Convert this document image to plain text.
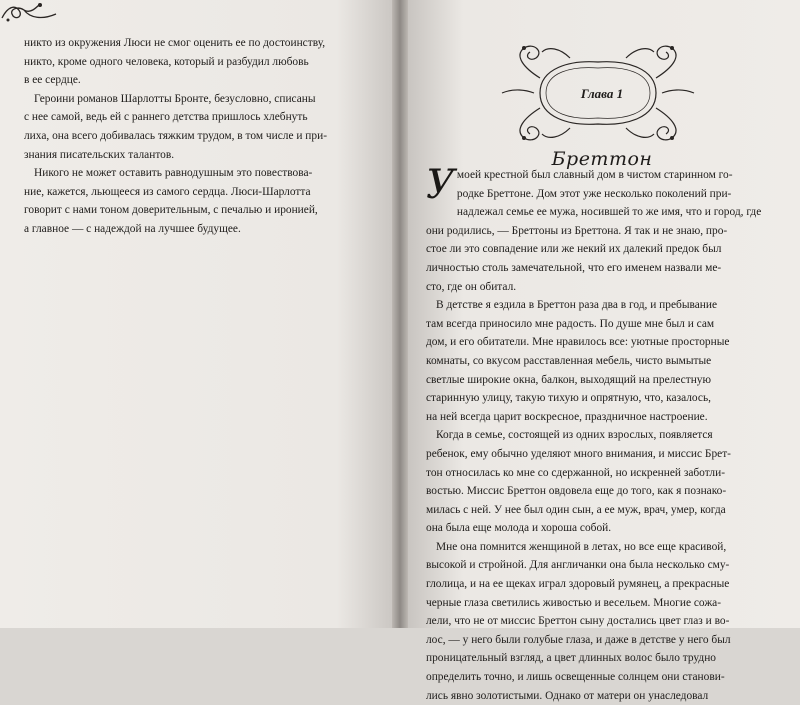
никто из окружения Люси не смог оценить ее по достоинству,
никто, кроме одного человека, который и разбудил любовь
в ее сердце.
Героини романов Шарлотты Бронте, безусловно, списаны
с нее самой, ведь ей с раннего детства пришлось хлебнуть
лиха, она всего добивалась тяжким трудом, в том числе и при-
знания писательских талантов.
Никого не может оставить равнодушным это повествова-
ние, кажется, льющееся из самого сердца. Люси-Шарлотта
говорит с нами тоном доверительным, с печалью и иронией,
а главное — с надеждой на лучшее будущее.
Глава 1
Бреттон
У моей крестной был славный дом в чистом старинном го-
родке Бреттоне. Дом этот уже несколько поколений при-
надлежал семье ее мужа, носившей то же имя, что и город, где
они родились, — Бреттоны из Бреттона. Я так и не знаю, про-
стое ли это совпадение или же некий их далекий предок был
личностью столь замечательной, что его именем назвали ме-
сто, где он обитал.
В детстве я ездила в Бреттон раза два в год, и пребывание
там всегда приносило мне радость. По душе мне был и сам
дом, и его обитатели. Мне нравилось все: уютные просторные
комнаты, со вкусом расставленная мебель, чисто вымытые
светлые широкие окна, балкон, выходящий на прелестную
старинную улицу, такую тихую и опрятную, что, казалось,
на ней всегда царит воскресное, праздничное настроение.
Когда в семье, состоящей из одних взрослых, появляется
ребенок, ему обычно уделяют много внимания, и миссис Брет-
тон относилась ко мне со сдержанной, но искренней заботли-
востью. Миссис Бреттон овдовела еще до того, как я познако-
милась с ней. У нее был один сын, а ее муж, врач, умер, когда
она была еще молода и хороша собой.
Мне она помнится женщиной в летах, но все еще красивой,
высокой и стройной. Для англичанки она была несколько сму-
глолица, и на ее щеках играл здоровый румянец, а прекрасные
черные глаза светились живостью и весельем. Многие сожа-
лели, что не от миссис Бреттон сыну достались цвет глаз и во-
лос, — у него были голубые глаза, и даже в детстве у него был
проницательный взгляд, а цвет длинных волос было трудно
определить точно, и лишь освещенные солнцем они станови-
лись явно золотистыми. Однако от матери он унаследовал
